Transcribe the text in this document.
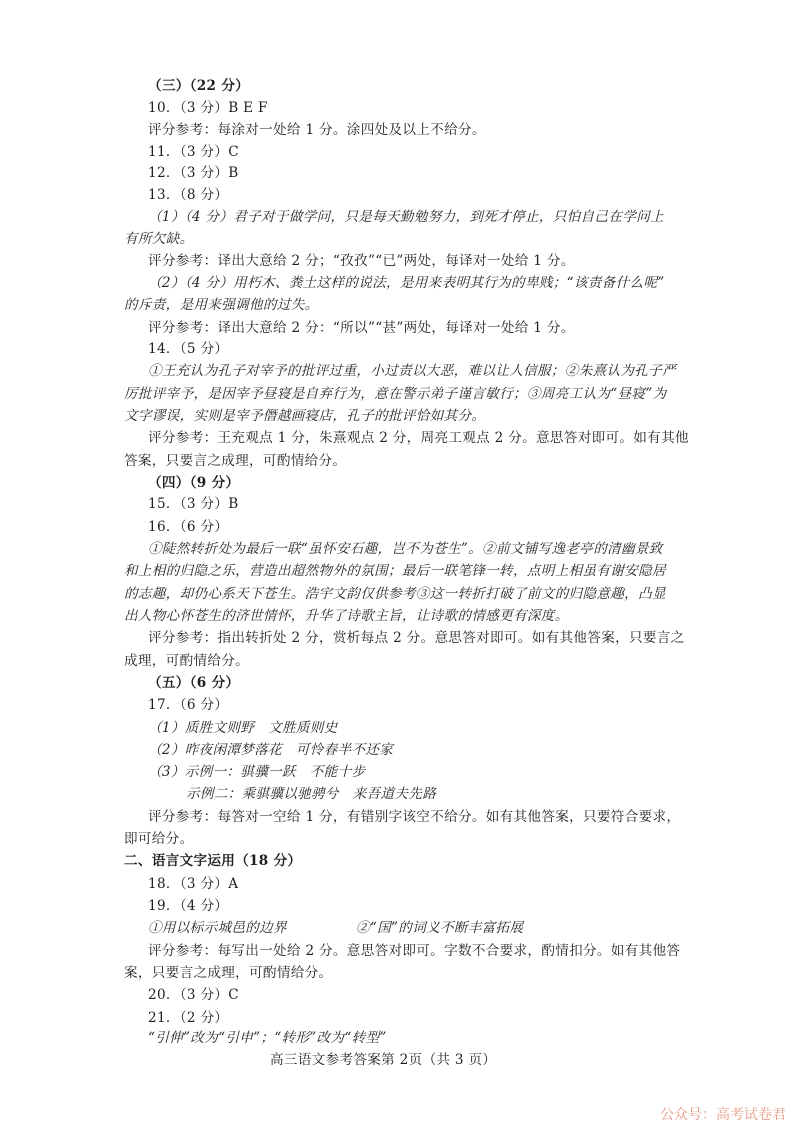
（三）（22 分）
10．（3 分）B E F
评分参考：每涂对一处给 1 分。涂四处及以上不给分。
11．（3 分）C
12．（3 分）B
13．（8 分）
（1）（4 分）君子对于做学问，只是每天勤勉努力，到死才停止，只怕自己在学问上
有所欠缺。
评分参考：译出大意给 2 分；“孜孜”“已”两处，每译对一处给 1 分。
（2）（4 分）用朽木、粪土这样的说法，是用来表明其行为的卑贱；“该责备什么呢”
的斥责，是用来强调他的过失。
评分参考：译出大意给 2 分：“所以”“甚”两处，每译对一处给 1 分。
14．（5 分）
①王充认为孔子对宰予的批评过重，小过责以大恶，难以让人信服；②朱熹认为孔子严
厉批评宰予，是因宰予昼寝是自弃行为，意在警示弟子谨言敏行；③周亮工认为“昼寝”为
文字谬误，实则是宰予僭越画寝店，孔子的批评恰如其分。
评分参考：王充观点 1 分，朱熹观点 2 分，周亮工观点 2 分。意思答对即可。如有其他
答案，只要言之成理，可酌情给分。
（四）（9 分）
15．（3 分）B
16．（6 分）
①陡然转折处为最后一联“虽怀安石趣，岂不为苍生”。②前文铺写逸老亭的清幽景致
和上相的归隐之乐，营造出超然物外的氛围；最后一联笔锋一转，点明上相虽有谢安隐居
的志趣，却仍心系天下苍生。浩宇文韵仅供参考③这一转折打破了前文的归隐意趣，凸显
出人物心怀苍生的济世情怀，升华了诗歌主旨，让诗歌的情感更有深度。
评分参考：指出转折处 2 分，赏析每点 2 分。意思答对即可。如有其他答案，只要言之
成理，可酌情给分。
（五）（6 分）
17．（6 分）
（1）质胜文则野　文胜质则史
（2）昨夜闲潭梦落花　可怜春半不还家
（3）示例一：骐骥一跃　不能十步
示例二：乘骐骥以驰骋兮　来吾道夫先路
评分参考：每答对一空给 1 分，有错别字该空不给分。如有其他答案，只要符合要求，
即可给分。
二、语言文字运用（18 分）
18．（3 分）A
19．（4 分）
①用以标示城邑的边界	②“国”的词义不断丰富拓展
评分参考：每写出一处给 2 分。意思答对即可。字数不合要求，酌情扣分。如有其他答
案，只要言之成理，可酌情给分。
20．（3 分）C
21．（2 分）
“引伸”改为“引申”；“转形”改为“转型”
高三语文参考答案第 2页（共 3 页）
公众号：高考试卷君
